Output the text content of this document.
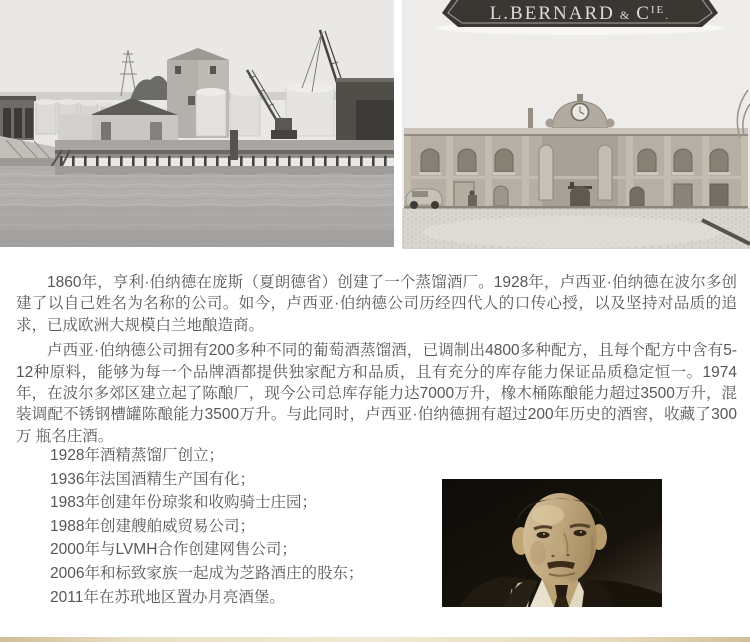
L.BERNARD & $C^{IE}_.$

1860年，亨利·伯纳德在庞斯（夏朗德省）创建了一个蒸馏酒厂。1928年，卢西亚·伯纳德在波尔多创建了以自己姓名为名称的公司。如今，卢西亚·伯纳德公司历经四代人的口传心授，以及坚持对品质的追求，已成欧洲大规模白兰地酿造商。

卢西亚·伯纳德公司拥有200多种不同的葡萄酒蒸馏酒，已调制出4800多种配方，且每个配方中含有5-12种原料，能够为每一个品牌酒都提供独家配方和品质，且有充分的库存能力保证品质稳定恒一。1974年，在波尔多郊区建立起了陈酿厂，现今公司总库存能力达7000万升，橡木桶陈酿能力超过3500万升，混装调配不锈钢槽罐陈酿能力3500万升。与此同时，卢西亚·伯纳德拥有超过200年历史的酒窖，收藏了300万 瓶名庄酒。

1928年酒精蒸馏厂创立；
1936年法国酒精生产国有化；
1983年创建年份琼浆和收购骑士庄园；
1988年创建艘舶威贸易公司；
2000年与LVMH合作创建网售公司；
2006年和标致家族一起成为芝路酒庄的股东；
2011年在苏玳地区置办月亮酒堡。
